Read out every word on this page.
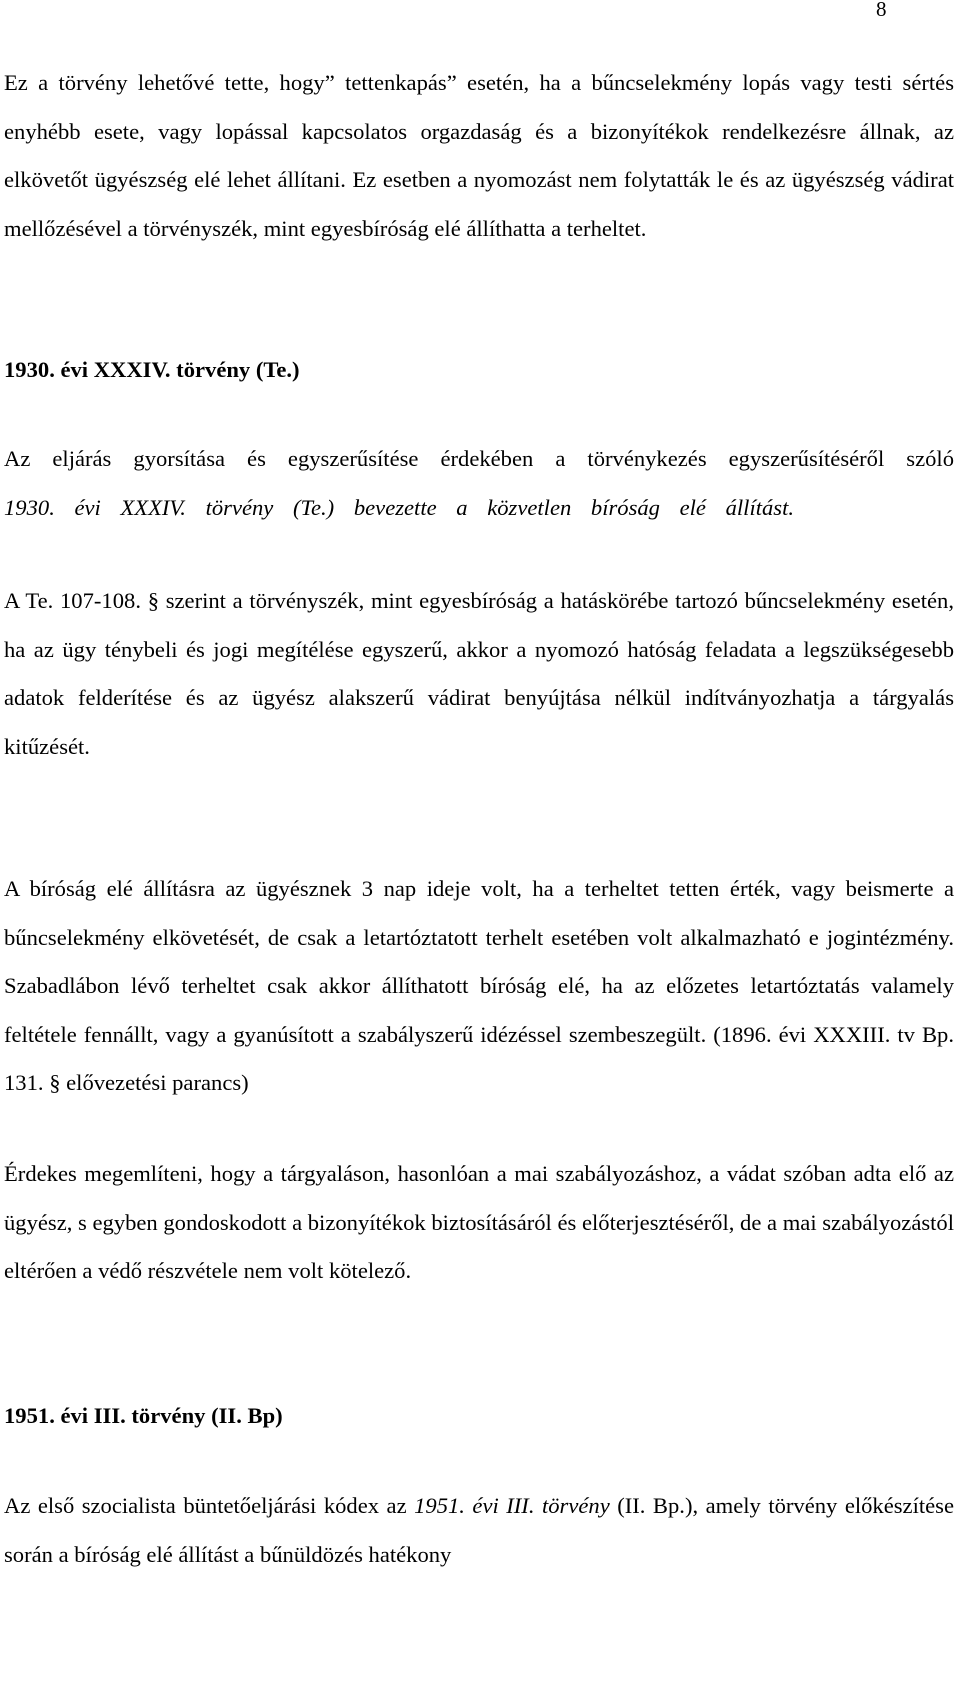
8

Ez a törvény lehetővé tette, hogy” tettenkapás” esetén, ha a bűncselekmény lopás vagy testi sértés enyhébb esete, vagy lopással kapcsolatos orgazdaság és a bizonyítékok rendelkezésre állnak, az elkövetőt ügyészség elé lehet állítani. Ez esetben a nyomozást nem folytatták le és az ügyészség vádirat mellőzésével a törvényszék, mint egyesbíróság elé állíthatta a terheltet.

1930. évi XXXIV. törvény (Te.)

Az eljárás gyorsítása és egyszerűsítése érdekében a törvénykezés egyszerűsítéséről szóló 1930. évi XXXIV. törvény (Te.) bevezette a közvetlen bíróság elé állítást.

A Te. 107-108. § szerint a törvényszék, mint egyesbíróság a hatáskörébe tartozó bűncselekmény esetén, ha az ügy ténybeli és jogi megítélése egyszerű, akkor a nyomozó hatóság feladata a legszükségesebb adatok felderítése és az ügyész alakszerű vádirat benyújtása nélkül indítványozhatja a tárgyalás kitűzését.

A bíróság elé állításra az ügyésznek 3 nap ideje volt, ha a terheltet tetten érték, vagy beismerte a bűncselekmény elkövetését, de csak a letartóztatott terhelt esetében volt alkalmazható e jogintézmény. Szabadlábon lévő terheltet csak akkor állíthatott bíróság elé, ha az előzetes letartóztatás valamely feltétele fennállt, vagy a gyanúsított a szabályszerű idézéssel szembeszegült. (1896. évi XXXIII. tv Bp. 131. § elővezetési parancs)

Érdekes megemlíteni, hogy a tárgyaláson, hasonlóan a mai szabályozáshoz, a vádat szóban adta elő az ügyész, s egyben gondoskodott a bizonyítékok biztosításáról és előterjesztéséről, de a mai szabályozástól eltérően a védő részvétele nem volt kötelező.

1951. évi III. törvény (II. Bp)

Az első szocialista büntetőeljárási kódex az 1951. évi III. törvény (II. Bp.), amely törvény előkészítése során a bíróság elé állítást a bűnüldözés hatékony
